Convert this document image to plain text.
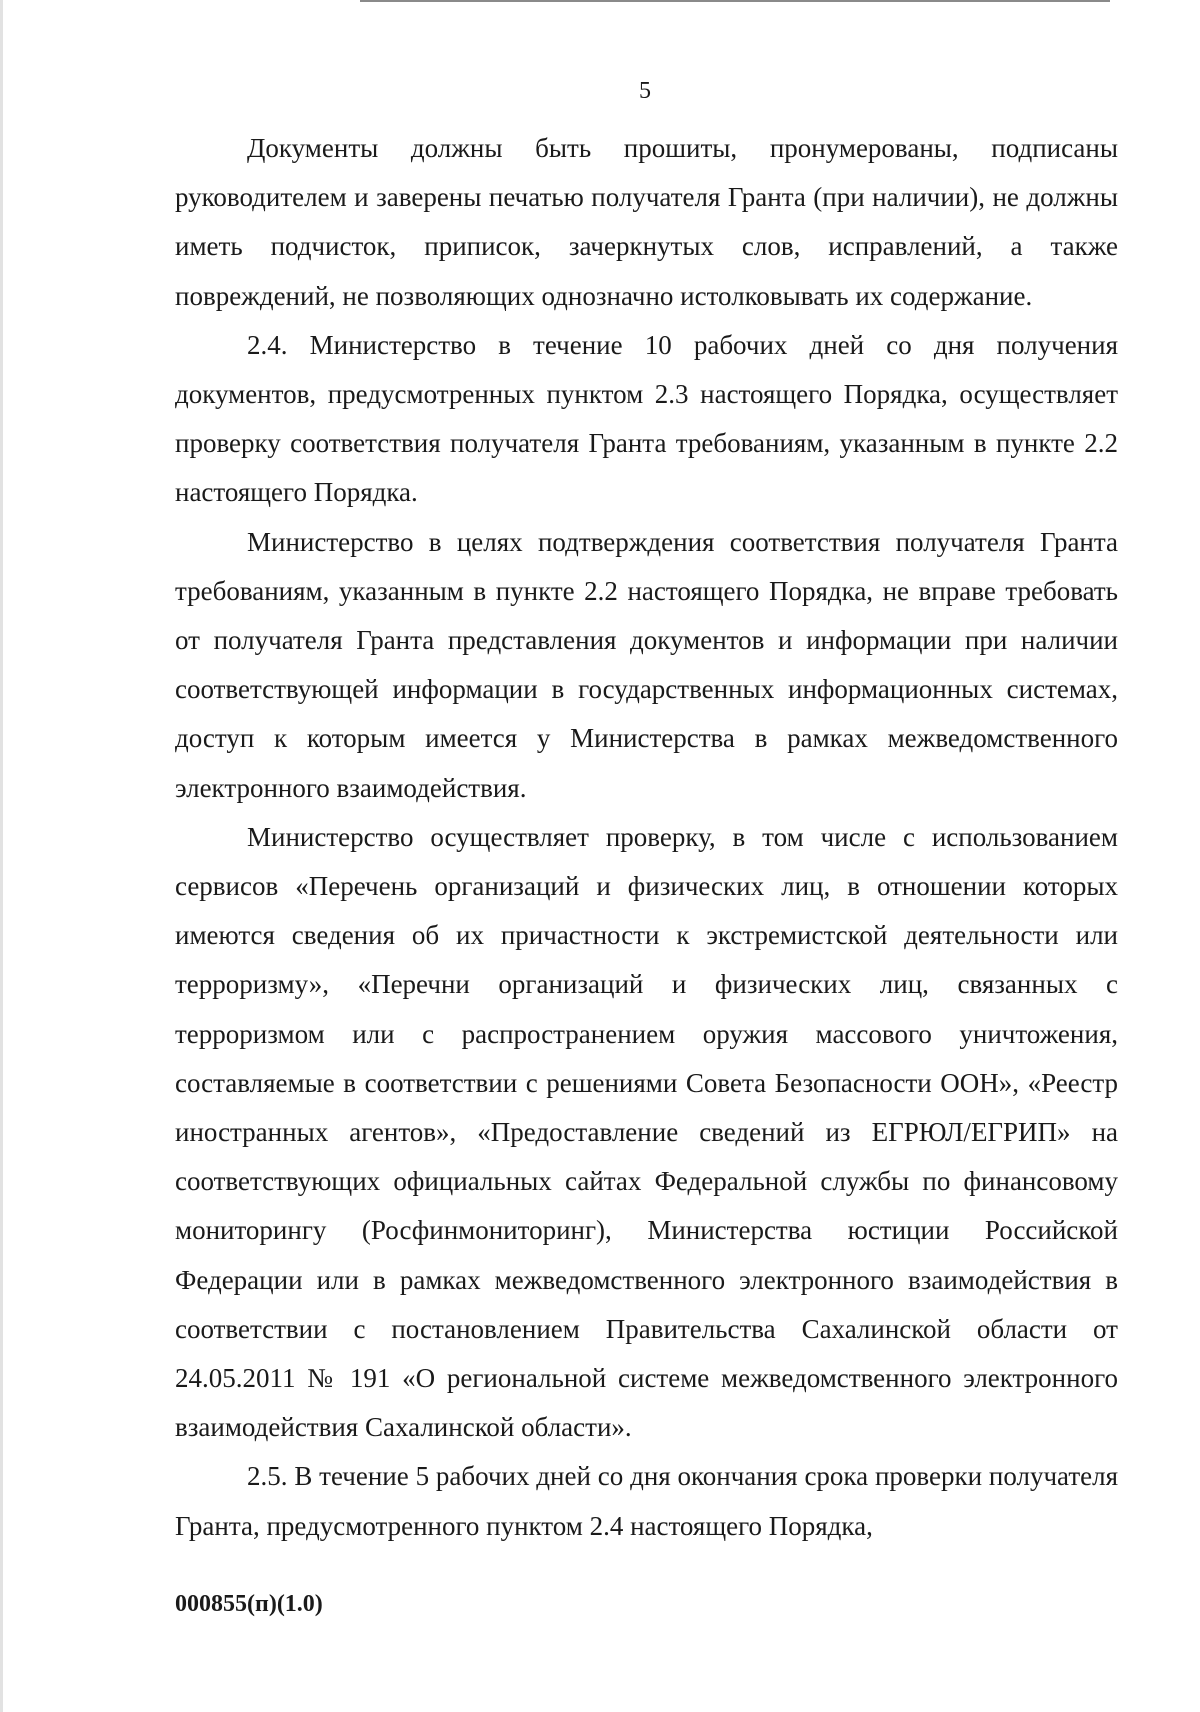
5

Документы должны быть прошиты, пронумерованы, подписаны руководителем и заверены печатью получателя Гранта (при наличии), не должны иметь подчисток, приписок, зачеркнутых слов, исправлений, а также повреждений, не позволяющих однозначно истолковывать их содержание.

2.4. Министерство в течение 10 рабочих дней со дня получения документов, предусмотренных пунктом 2.3 настоящего Порядка, осуществляет проверку соответствия получателя Гранта требованиям, указанным в пункте 2.2 настоящего Порядка.

Министерство в целях подтверждения соответствия получателя Гранта требованиям, указанным в пункте 2.2 настоящего Порядка, не вправе требовать от получателя Гранта представления документов и информации при наличии соответствующей информации в государственных информационных системах, доступ к которым имеется у Министерства в рамках межведомственного электронного взаимодействия.

Министерство осуществляет проверку, в том числе с использованием сервисов «Перечень организаций и физических лиц, в отношении которых имеются сведения об их причастности к экстремистской деятельности или терроризму», «Перечни организаций и физических лиц, связанных с терроризмом или с распространением оружия массового уничтожения, составляемые в соответствии с решениями Совета Безопасности ООН», «Реестр иностранных агентов», «Предоставление сведений из ЕГРЮЛ/ЕГРИП» на соответствующих официальных сайтах Федеральной службы по финансовому мониторингу (Росфинмониторинг), Министерства юстиции Российской Федерации или в рамках межведомственного электронного взаимодействия в соответствии с постановлением Правительства Сахалинской области от 24.05.2011 № 191 «О региональной системе межведомственного электронного взаимодействия Сахалинской области».

2.5. В течение 5 рабочих дней со дня окончания срока проверки получателя Гранта, предусмотренного пунктом 2.4 настоящего Порядка,

000855(п)(1.0)
